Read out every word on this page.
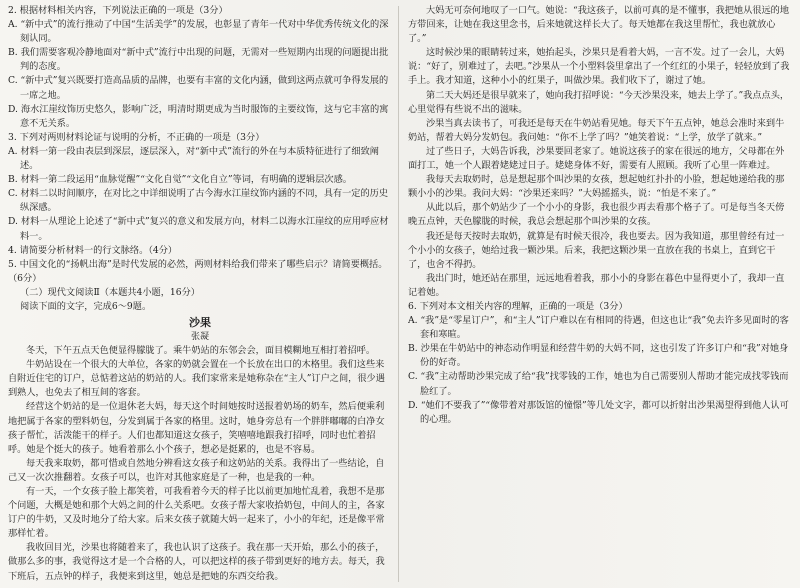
2. 根据材料相关内容，下列说法正确的一项是（3分）

A. “新中式”的流行推动了中国“生活美学”的发展，也彰显了青年一代对中华优秀传统文化的深刻认同。

B. 我们需要客观冷静地面对“新中式”流行中出现的问题，无需对一些短期内出现的问题提出批判的态度。

C. “新中式”复兴既要打造高品质的品牌，也要有丰富的文化内涵，做到这两点就可争得发展的一席之地。

D. 海水江崖纹饰历史悠久，影响广泛，明清时期更成为当时服饰的主要纹饰，这与它丰富的寓意不无关系。

3. 下列对两则材料论证与说明的分析，不正确的一项是（3分）

A. 材料一第一段由表层到深层，逐层深入，对“新中式”流行的外在与本质特征进行了细致阐述。

B. 材料一第二段运用“血脉觉醒”“文化自觉”“文化自立”等词，有明确的逻辑层次感。

C. 材料二以时间顺序，在对比之中详细说明了古今海水江崖纹饰内涵的不同，具有一定的历史纵深感。

D. 材料一从理论上论述了“新中式”复兴的意义和发展方向，材料二以海水江崖纹的应用呼应材料一。

4. 请简要分析材料一的行文脉络。（4分）

5. 中国文化的“扬帆出海”是时代发展的必然，两则材料给我们带来了哪些启示？请简要概括。（6分）

（二）现代文阅读Ⅱ（本题共4小题，16分）

阅读下面的文字，完成6～9题。

沙果

张凝

冬天，下午五点天色便显得朦胧了。乘牛奶站的东邻会会，面目模糊地互相打着招呼。

牛奶站设在一个很大的大单位，各家的奶就会置在一个长放在出口的木格里。我们这些来自附近住宅的订户，总惦着这站的奶站的人。我们家常来是她称杂在“主人”订户之间，很少遇到熟人，也免去了相互间的客套。

经营这个奶站的是一位退休老大妈，每天这个时间她按时送报着奶场的奶车，然后便乘利地把属于各家的塑料奶包，分发到属于各家的格里。这时，她身旁总有一个胖胖嘟嘟的白净女孩子帮忙，活泼能干的样子。人们也都知道这女孩子，笑嘻嘻地跟我打招呼，同时也忙着招呼。她是个挺大的孩子。她看着那么小个孩子，想必是挺累的，也是不容易。

每天我来取奶，都可惜或自然地分辨看这女孩子和这奶站的关系。我得出了一些结论，自己又一次次推翻着。女孩子可以，也许对其他家庭是了一种，也是我的一种。

有一天，一个女孩子脸上都笑着，可我看着今天的样子比以前更加地忙乱着，我想不是那个问题，大概是她和那个大妈之间的什么关系吧。女孩子帮大家收拾奶包，中间人的主，各家订户的牛奶，又及时地分了给大家。后来女孩子就随大妈一起来了，小小的年纪，还是像平常那样忙着。

我收回目光，沙果也将随着来了，我也认识了这孩子。我在那一天开始，那么小的孩子，做那么多的事，我觉得这才是一个合格的人，可以把这样的孩子带到更好的地方去。每天，我下班后，五点钟的样子，我便来到这里，她总是把她的东西交给我。

大妈无可奈何地叹了一口气。她说：“我这孩子，以前可真的是不懂事，我把她从很远的地方带回来，让她在我这里念书，后来她就这样长大了。每天她都在我这里帮忙，我也就放心了。”

这时候沙果的眼睛转过来，她抬起头，沙果只是看着大妈，一言不发。过了一会儿，大妈说：“好了，别难过了，去吧。”沙果从一个小塑料袋里拿出了一个红红的小果子，轻轻放到了我手上。我才知道，这种小小的红果子，叫做沙果。我们收下了，谢过了她。

第二天大妈还是很早就来了，她向我打招呼说：“今天沙果没来，她去上学了。”我点点头，心里觉得有些说不出的滋味。

沙果当真去读书了，可我还是每天在牛奶站看见她。每天下午五点钟，她总会准时来到牛奶站，帮着大妈分发奶包。我问她：“你不上学了吗？”她笑着说：“上学，放学了就来。”

过了些日子，大妈告诉我，沙果要回老家了。她说这孩子的家在很远的地方，父母都在外面打工，她一个人跟着姥姥过日子。姥姥身体不好，需要有人照顾。我听了心里一阵难过。

我每天去取奶时，总是想起那个叫沙果的女孩，想起她红扑扑的小脸，想起她递给我的那颗小小的沙果。我问大妈：“沙果还来吗？”大妈摇摇头，说：“怕是不来了。”

从此以后，那个奶站少了一个小小的身影，我也很少再去看那个格子了。可是每当冬天傍晚五点钟，天色朦胧的时候，我总会想起那个叫沙果的女孩。

我还是每天按时去取奶，就算是有时候天很冷，我也要去。因为我知道，那里曾经有过一个小小的女孩子，她给过我一颗沙果。后来，我把这颗沙果一直放在我的书桌上，直到它干了，也舍不得扔。

我出门时，她还站在那里，远远地看着我，那小小的身影在暮色中显得更小了，我却一直记着她。

6. 下列对本文相关内容的理解，正确的一项是（3分）

A. “我”是“零星订户”，和“主人”订户难以在有相同的待遇，但这也让“我”免去许多见面时的客套和寒暄。

B. 沙果在牛奶站中的神态动作明显和经营牛奶的大妈不同，这也引发了许多订户和“我”对她身份的好奇。

C. “我”主动帮助沙果完成了给“我”找零钱的工作，她也为自己需要别人帮助才能完成找零钱而脸红了。

D. “她们不要我了”“像带着对那饭馆的憧憬”等几处文字，都可以折射出沙果渴望得到他人认可的心理。
